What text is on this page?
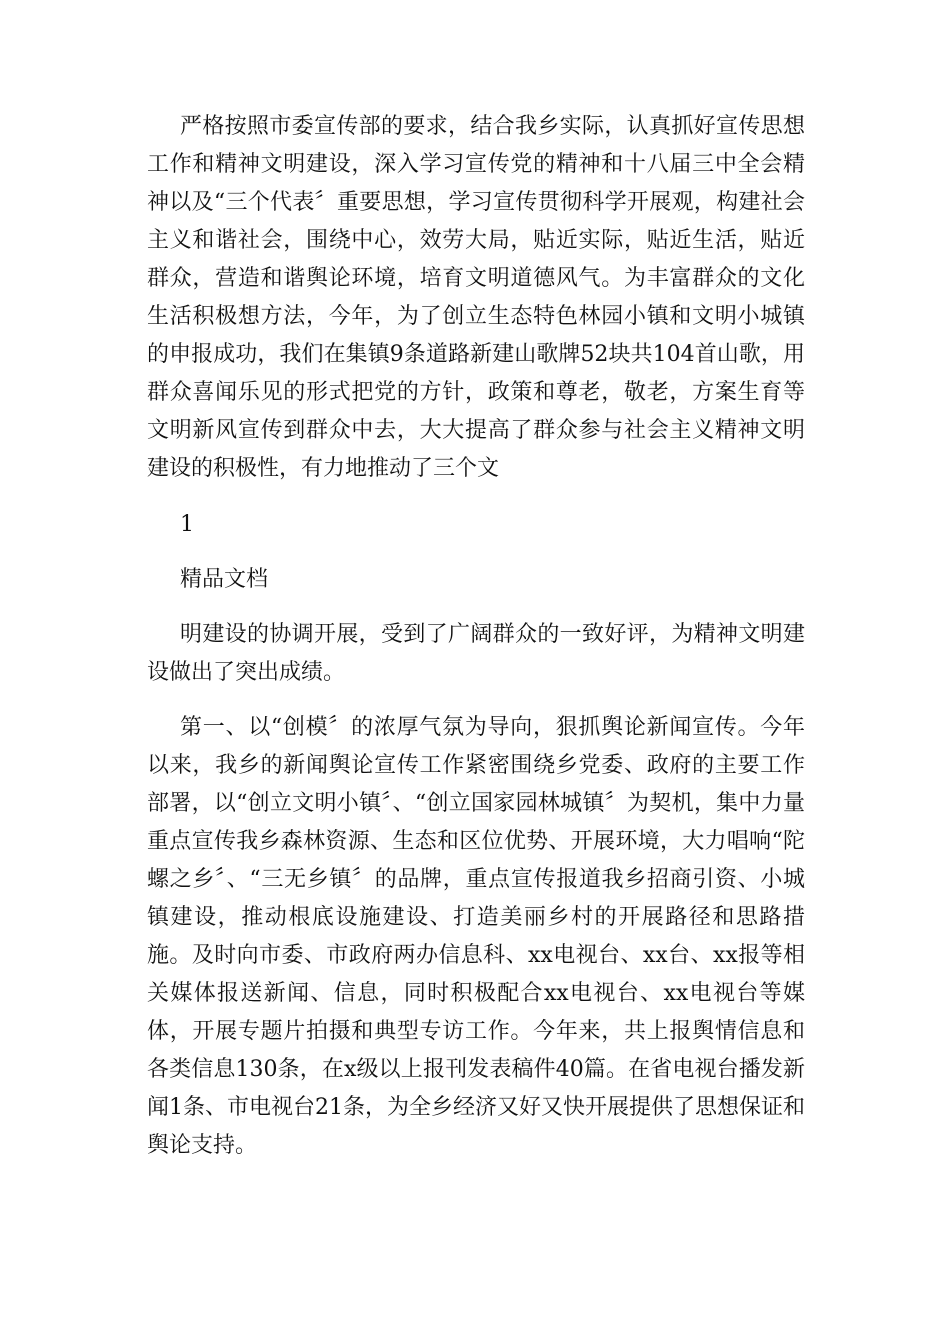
严格按照市委宣传部的要求，结合我乡实际，认真抓好宣传思想工作和精神文明建设，深入学习宣传党的精神和十八届三中全会精神以及“三个代表〞重要思想，学习宣传贯彻科学开展观，构建社会主义和谐社会，围绕中心，效劳大局，贴近实际，贴近生活，贴近群众，营造和谐舆论环境，培育文明道德风气。为丰富群众的文化生活积极想方法，今年，为了创立生态特色林园小镇和文明小城镇的申报成功，我们在集镇9条道路新建山歌牌52块共104首山歌，用群众喜闻乐见的形式把党的方针，政策和尊老，敬老，方案生育等文明新风宣传到群众中去，大大提高了群众参与社会主义精神文明建设的积极性，有力地推动了三个文

1

精品文档

明建设的协调开展，受到了广阔群众的一致好评，为精神文明建设做出了突出成绩。

第一、以“创模〞的浓厚气氛为导向，狠抓舆论新闻宣传。今年以来，我乡的新闻舆论宣传工作紧密围绕乡党委、政府的主要工作部署，以“创立文明小镇〞、“创立国家园林城镇〞为契机，集中力量重点宣传我乡森林资源、生态和区位优势、开展环境，大力唱响“陀螺之乡〞、“三无乡镇〞的品牌，重点宣传报道我乡招商引资、小城镇建设，推动根底设施建设、打造美丽乡村的开展路径和思路措施。及时向市委、市政府两办信息科、xx电视台、xx台、xx报等相关媒体报送新闻、信息，同时积极配合xx电视台、xx电视台等媒体，开展专题片拍摄和典型专访工作。今年来，共上报舆情信息和各类信息130条，在x级以上报刊发表稿件40篇。在省电视台播发新闻1条、市电视台21条，为全乡经济又好又快开展提供了思想保证和舆论支持。
